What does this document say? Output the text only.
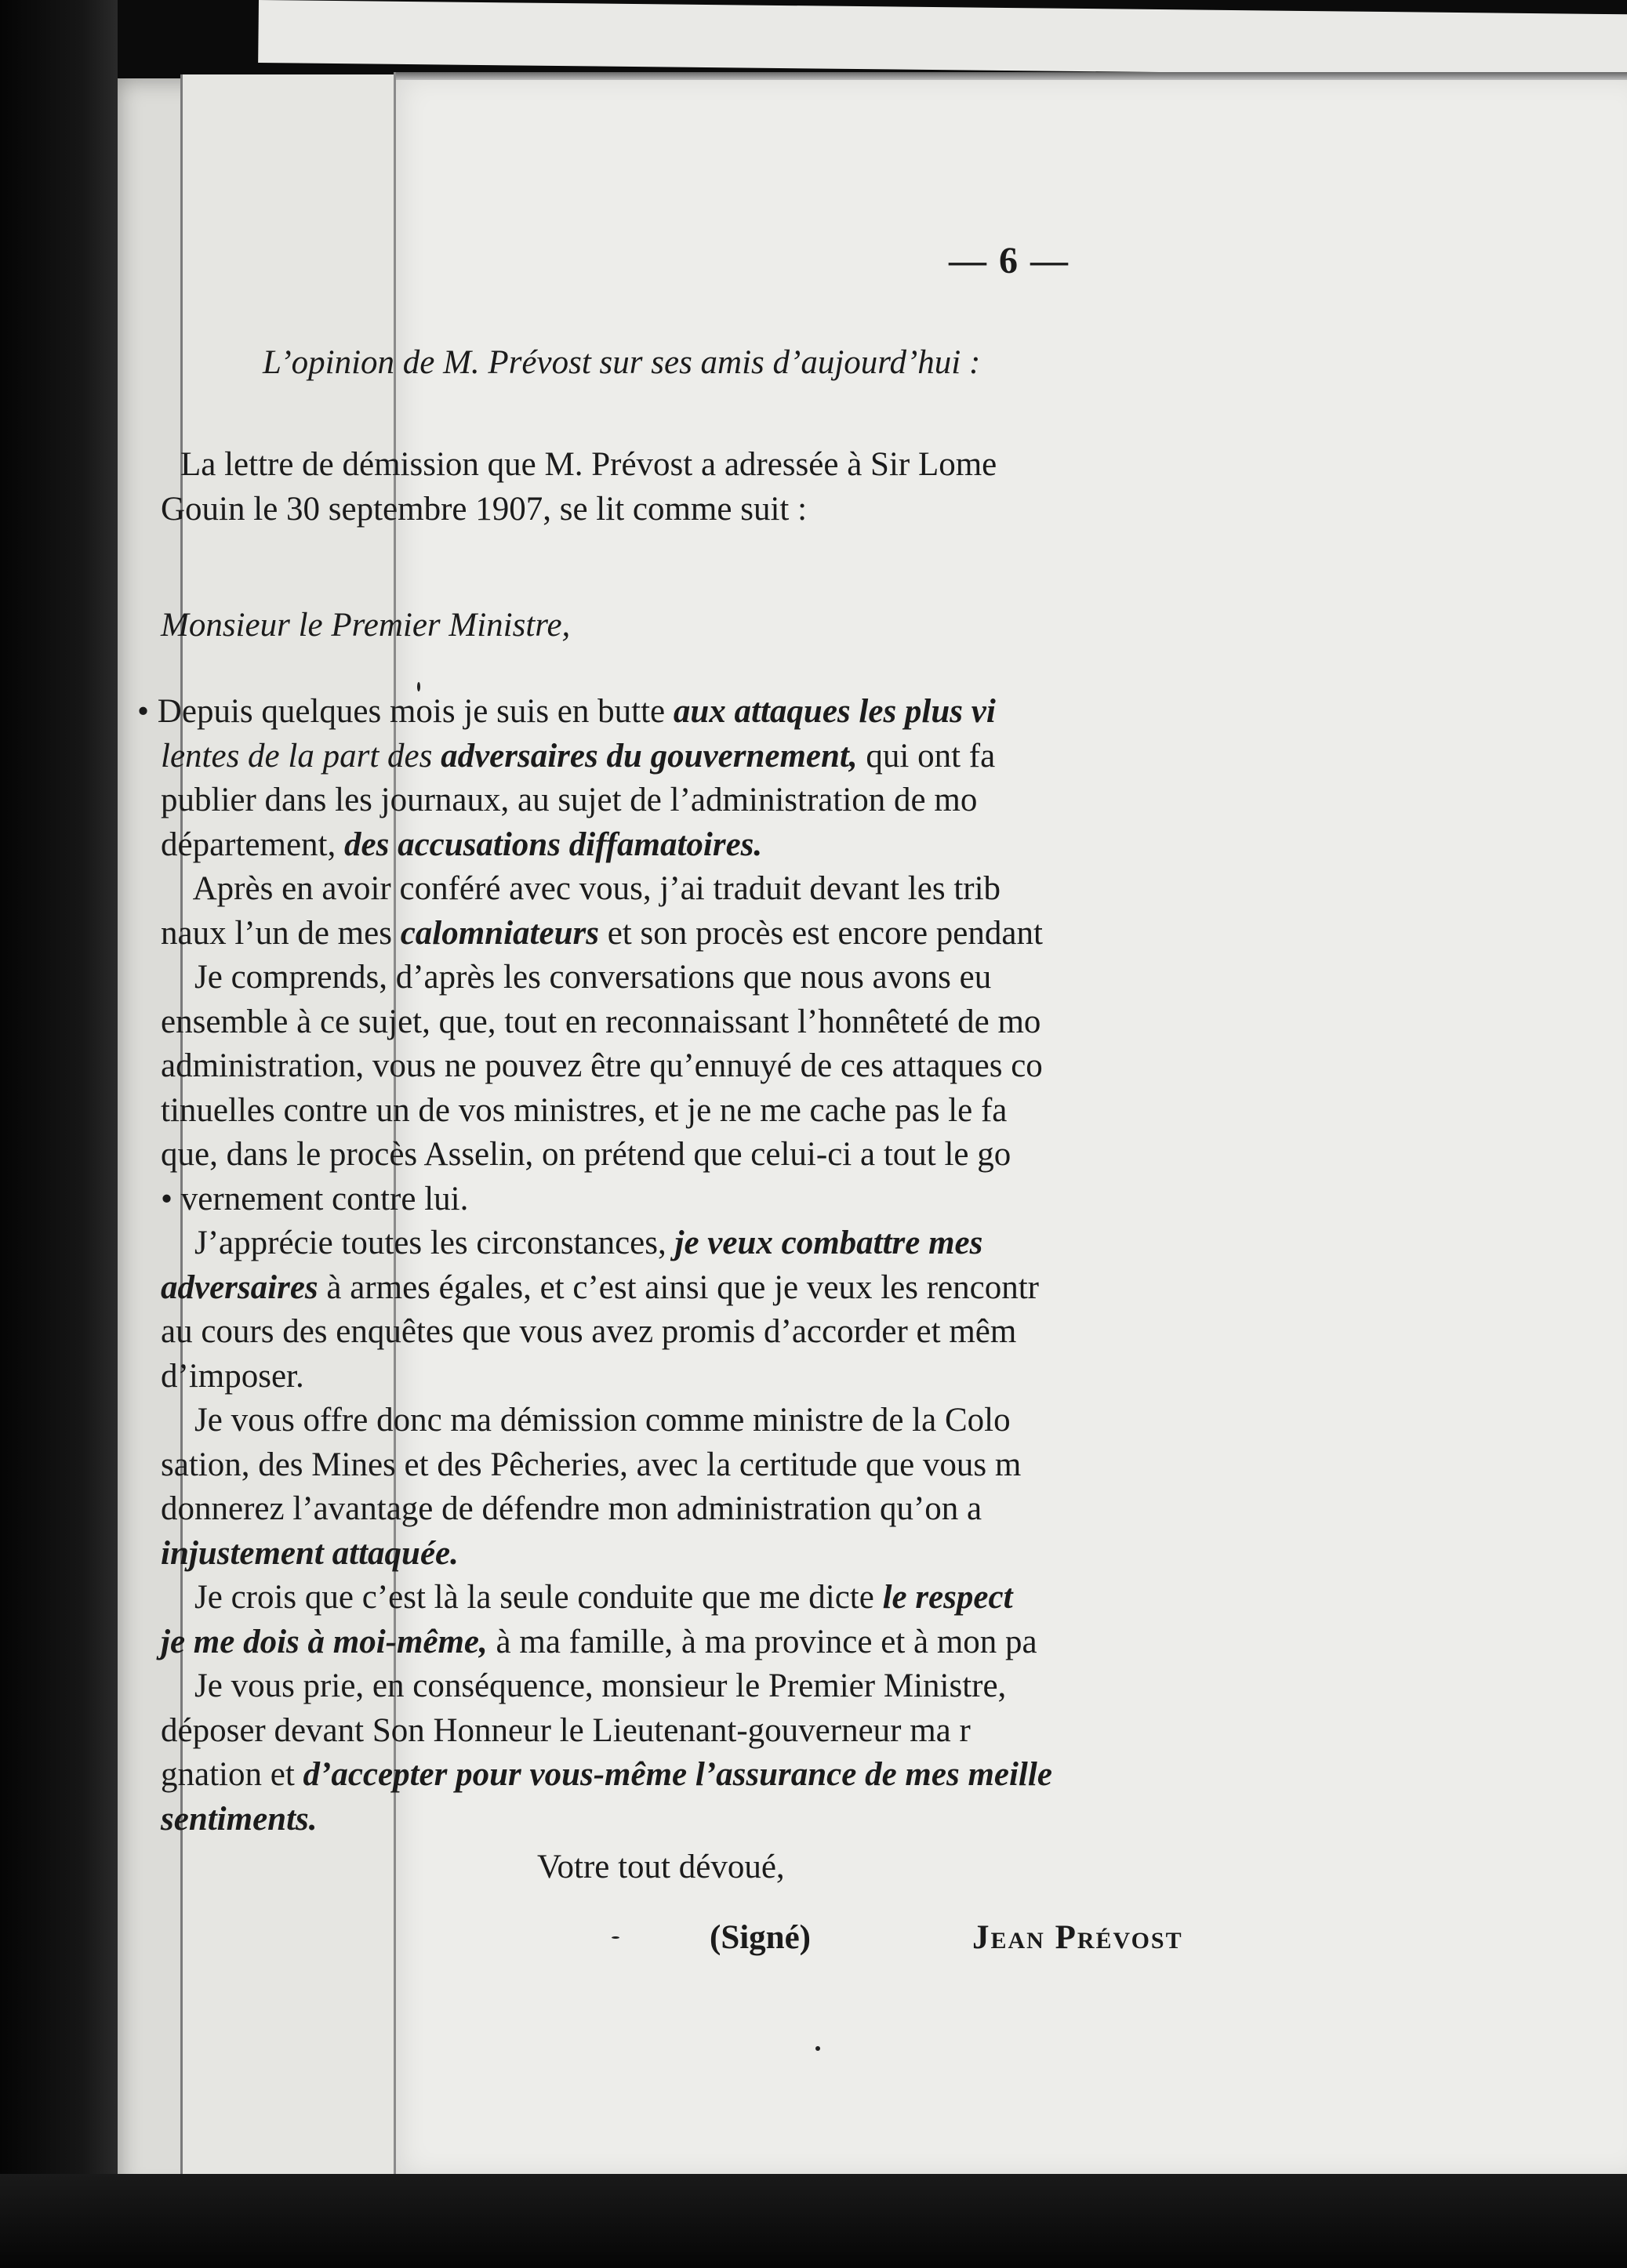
— 6 —
L’opinion de M. Prévost sur ses amis d’aujourd’hui :
La lettre de démission que M. Prévost a adressée à Sir Lome
Gouin le 30 septembre 1907, se lit comme suit :
Monsieur le Premier Ministre,
• Depuis quelques mois je suis en butte aux attaques les plus vi
lentes de la part des adversaires du gouvernement, qui ont fa
publier dans les journaux, au sujet de l’administration de mo
département, des accusations diffamatoires.
Après en avoir conféré avec vous, j’ai traduit devant les trib
naux l’un de mes calomniateurs et son procès est encore pendant
Je comprends, d’après les conversations que nous avons eu
ensemble à ce sujet, que, tout en reconnaissant l’honnêteté de mo
administration, vous ne pouvez être qu’ennuyé de ces attaques co
tinuelles contre un de vos ministres, et je ne me cache pas le fa
que, dans le procès Asselin, on prétend que celui-ci a tout le go
• vernement contre lui.
J’apprécie toutes les circonstances, je veux combattre mes
adversaires à armes égales, et c’est ainsi que je veux les rencontr
au cours des enquêtes que vous avez promis d’accorder et mêm
d’imposer.
Je vous offre donc ma démission comme ministre de la Colo
sation, des Mines et des Pêcheries, avec la certitude que vous m
donnerez l’avantage de défendre mon administration qu’on a
injustement attaquée.
Je crois que c’est là la seule conduite que me dicte le respect
je me dois à moi-même, à ma famille, à ma province et à mon pa
Je vous prie, en conséquence, monsieur le Premier Ministre,
déposer devant Son Honneur le Lieutenant-gouverneur ma r
gnation et d’accepter pour vous-même l’assurance de mes meille
sentiments.
Votre tout dévoué,
(Signé)	Jean Prévost
